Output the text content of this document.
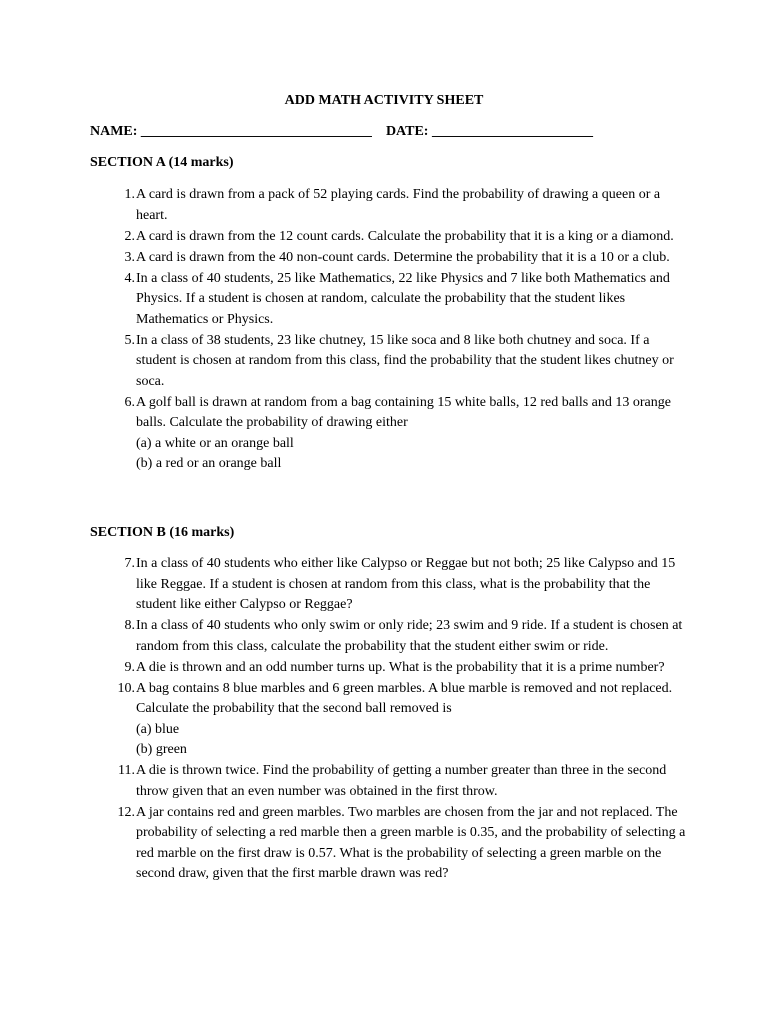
ADD MATH ACTIVITY SHEET
NAME: _________________________________ DATE: _______________________
SECTION A (14 marks)
1. A card is drawn from a pack of 52 playing cards. Find the probability of drawing a queen or a heart.
2. A card is drawn from the 12 count cards. Calculate the probability that it is a king or a diamond.
3. A card is drawn from the 40 non-count cards. Determine the probability that it is a 10 or a club.
4. In a class of 40 students, 25 like Mathematics, 22 like Physics and 7 like both Mathematics and Physics. If a student is chosen at random, calculate the probability that the student likes Mathematics or Physics.
5. In a class of 38 students, 23 like chutney, 15 like soca and 8 like both chutney and soca. If a student is chosen at random from this class, find the probability that the student likes chutney or soca.
6. A golf ball is drawn at random from a bag containing 15 white balls, 12 red balls and 13 orange balls. Calculate the probability of drawing either
(a) a white or an orange ball
(b) a red or an orange ball
SECTION B (16 marks)
7. In a class of 40 students who either like Calypso or Reggae but not both; 25 like Calypso and 15 like Reggae. If a student is chosen at random from this class, what is the probability that the student like either Calypso or Reggae?
8. In a class of 40 students who only swim or only ride; 23 swim and 9 ride. If a student is chosen at random from this class, calculate the probability that the student either swim or ride.
9. A die is thrown and an odd number turns up. What is the probability that it is a prime number?
10. A bag contains 8 blue marbles and 6 green marbles. A blue marble is removed and not replaced. Calculate the probability that the second ball removed is
(a) blue
(b) green
11. A die is thrown twice. Find the probability of getting a number greater than three in the second throw given that an even number was obtained in the first throw.
12. A jar contains red and green marbles. Two marbles are chosen from the jar and not replaced. The probability of selecting a red marble then a green marble is 0.35, and the probability of selecting a red marble on the first draw is 0.57. What is the probability of selecting a green marble on the second draw, given that the first marble drawn was red?
